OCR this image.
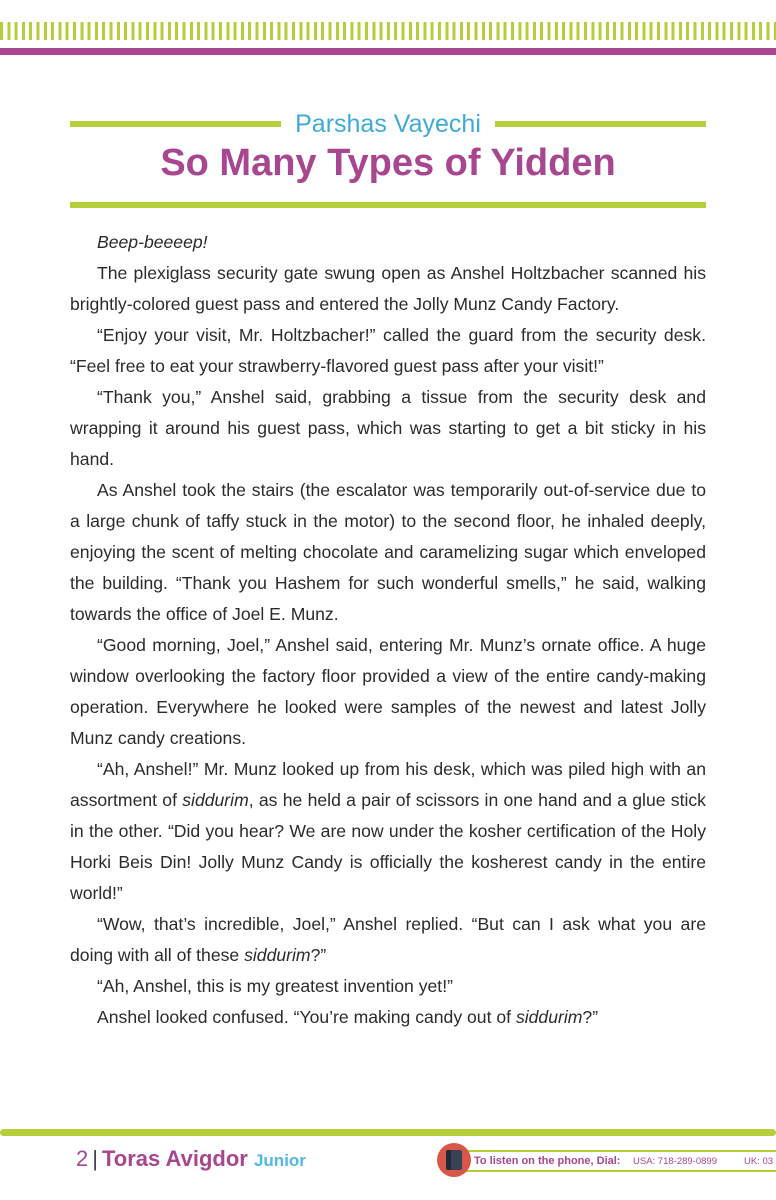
Parshas Vayechi
So Many Types of Yidden

Beep-beeeep!

The plexiglass security gate swung open as Anshel Holtzbacher scanned his brightly-colored guest pass and entered the Jolly Munz Candy Factory.

“Enjoy your visit, Mr. Holtzbacher!” called the guard from the security desk. “Feel free to eat your strawberry-flavored guest pass after your visit!”

“Thank you,” Anshel said, grabbing a tissue from the security desk and wrapping it around his guest pass, which was starting to get a bit sticky in his hand.

As Anshel took the stairs (the escalator was temporarily out-of-service due to a large chunk of taffy stuck in the motor) to the second floor, he inhaled deeply, enjoying the scent of melting chocolate and caramelizing sugar which enveloped the building. “Thank you Hashem for such wonderful smells,” he said, walking towards the office of Joel E. Munz.

“Good morning, Joel,” Anshel said, entering Mr. Munz’s ornate office. A huge window overlooking the factory floor provided a view of the entire candy-making operation. Everywhere he looked were samples of the newest and latest Jolly Munz candy creations.

“Ah, Anshel!” Mr. Munz looked up from his desk, which was piled high with an assortment of siddurim, as he held a pair of scissors in one hand and a glue stick in the other. “Did you hear? We are now under the kosher certification of the Holy Horki Beis Din! Jolly Munz Candy is officially the kosherest candy in the entire world!”

“Wow, that’s incredible, Joel,” Anshel replied. “But can I ask what you are doing with all of these siddurim?”

“Ah, Anshel, this is my greatest invention yet!”

Anshel looked confused. “You’re making candy out of siddurim?”

2 | Toras Avigdor Junior	To listen on the phone, Dial: USA: 718-289-0899	UK: 03
